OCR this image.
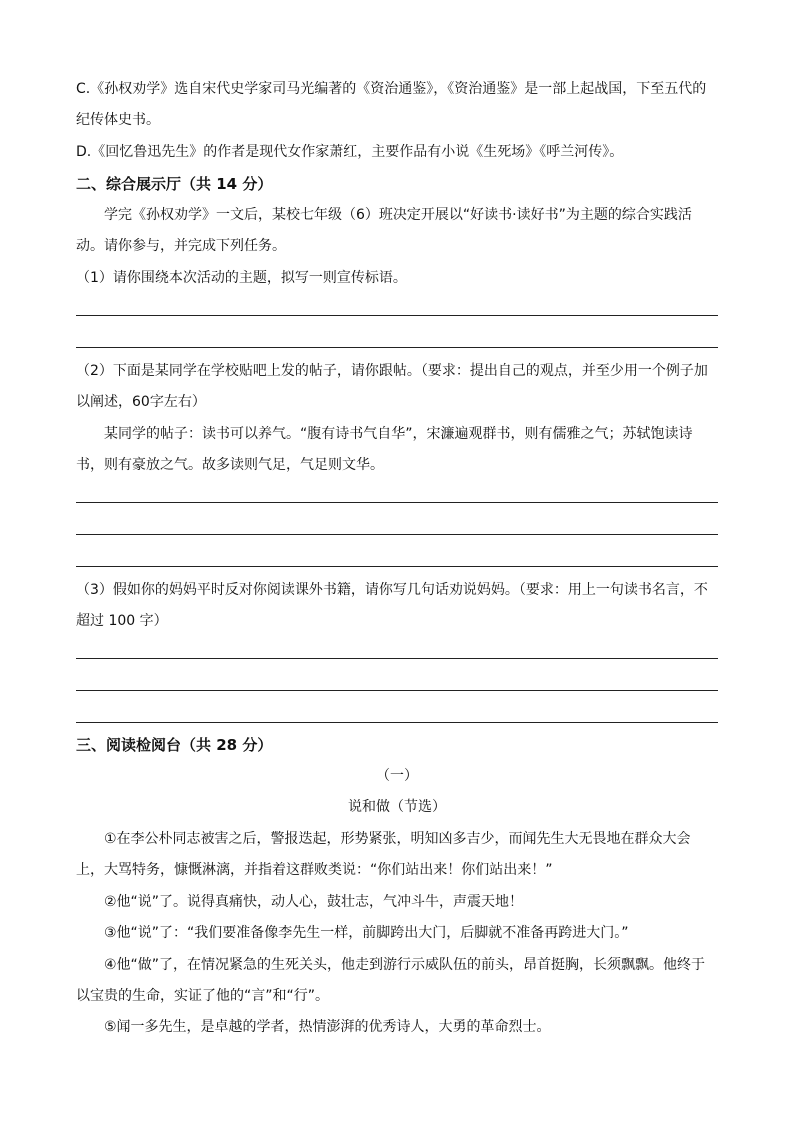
C.《孙权劝学》选自宋代史学家司马光编著的《资治通鉴》，《资治通鉴》是一部上起战国，下至五代的纪传体史书。

D.《回忆鲁迅先生》的作者是现代女作家萧红，主要作品有小说《生死场》《呼兰河传》。

二、综合展示厅（共 14 分）

学完《孙权劝学》一文后，某校七年级（6）班决定开展以“好读书·读好书”为主题的综合实践活动。请你参与，并完成下列任务。

（1）请你围绕本次活动的主题，拟写一则宣传标语。

（2）下面是某同学在学校贴吧上发的帖子，请你跟帖。（要求：提出自己的观点，并至少用一个例子加以阐述，60字左右）

某同学的帖子：读书可以养气。“腹有诗书气自华”，宋濂遍观群书，则有儒雅之气；苏轼饱读诗书，则有豪放之气。故多读则气足，气足则文华。

（3）假如你的妈妈平时反对你阅读课外书籍，请你写几句话劝说妈妈。（要求：用上一句读书名言，不超过 100 字）

三、阅读检阅台（共 28 分）

（一）

说和做（节选）

①在李公朴同志被害之后，警报迭起，形势紧张，明知凶多吉少，而闻先生大无畏地在群众大会上，大骂特务，慷慨淋漓，并指着这群败类说：“你们站出来！你们站出来！”

②他“说”了。说得真痛快，动人心，鼓壮志，气冲斗牛，声震天地！

③他“说”了：“我们要准备像李先生一样，前脚跨出大门，后脚就不准备再跨进大门。”

④他“做”了，在情况紧急的生死关头，他走到游行示威队伍的前头，昂首挺胸，长须飘飘。他终于以宝贵的生命，实证了他的“言”和“行”。

⑤闻一多先生，是卓越的学者，热情澎湃的优秀诗人，大勇的革命烈士。
